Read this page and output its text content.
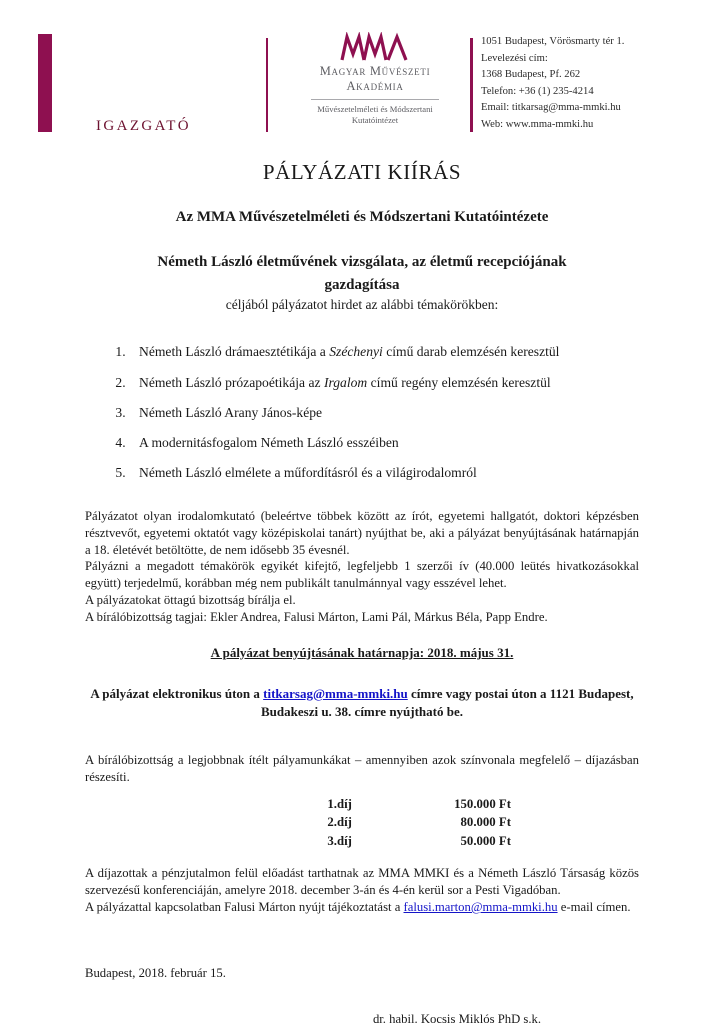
IGAZGATÓ
Magyar Művészeti
Akadémia
Művészetelméleti és Módszertani
Kutatóintézet
1051 Budapest, Vörösmarty tér 1.
Levelezési cím:
1368 Budapest, Pf. 262
Telefon: +36 (1) 235-4214
Email: titkarsag@mma-mmki.hu
Web: www.mma-mmki.hu
PÁLYÁZATI KIÍRÁS
Az MMA Művészetelméleti és Módszertani Kutatóintézete
Németh László életművének vizsgálata, az életmű recepciójának
gazdagítása
céljából pályázatot hirdet az alábbi témakörökben:
1. Németh László drámaesztétikája a Széchenyi című darab elemzésén keresztül
2. Németh László prózapoétikája az Irgalom című regény elemzésén keresztül
3. Németh László Arany János-képe
4. A modernitásfogalom Németh László esszéiben
5. Németh László elmélete a műfordításról és a világirodalomról

Pályázatot olyan irodalomkutató (beleértve többek között az írót, egyetemi hallgatót, doktori képzésben résztvevőt, egyetemi oktatót vagy középiskolai tanárt) nyújthat be, aki a pályázat benyújtásának határnapján a 18. életévét betöltötte, de nem idősebb 35 évesnél.

Pályázni a megadott témakörök egyikét kifejtő, legfeljebb 1 szerzői ív (40.000 leütés hivatkozásokkal együtt) terjedelmű, korábban még nem publikált tanulmánnyal vagy esszével lehet.

A pályázatokat öttagú bizottság bírálja el.

A bírálóbizottság tagjai: Ekler Andrea, Falusi Márton, Lami Pál, Márkus Béla, Papp Endre.

A pályázat benyújtásának határnapja: 2018. május 31.

A pályázat elektronikus úton a titkarsag@mma-mmki.hu címre vagy postai úton a 1121 Budapest, Budakeszi u. 38. címre nyújtható be.

A bírálóbizottság a legjobbnak ítélt pályamunkákat – amennyiben azok színvonala megfelelő – díjazásban részesíti.

1.	díj	150.000 Ft
2.	díj	80.000 Ft
3.	díj	50.000 Ft

A díjazottak a pénzjutalmon felül előadást tarthatnak az MMA MMKI és a Németh László Társaság közös szervezésű konferenciáján, amelyre 2018. december 3-án és 4-én kerül sor a Pesti Vigadóban.

A pályázattal kapcsolatban Falusi Márton nyújt tájékoztatást a falusi.marton@mma-mmki.hu e-mail címen.

Budapest, 2018. február 15.

dr. habil. Kocsis Miklós PhD s.k.
